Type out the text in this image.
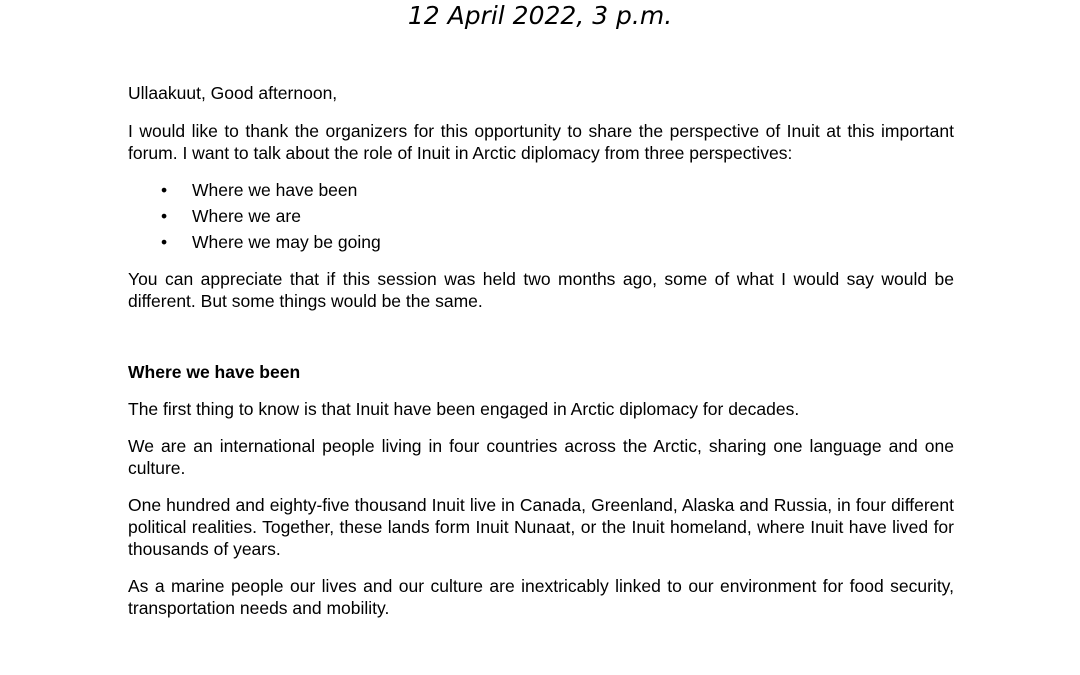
12 April 2022, 3 p.m.

Ullaakuut, Good afternoon,

I would like to thank the organizers for this opportunity to share the perspective of Inuit at this important forum. I want to talk about the role of Inuit in Arctic diplomacy from three perspectives:

• Where we have been
• Where we are
• Where we may be going

You can appreciate that if this session was held two months ago, some of what I would say would be different. But some things would be the same.

Where we have been

The first thing to know is that Inuit have been engaged in Arctic diplomacy for decades.

We are an international people living in four countries across the Arctic, sharing one language and one culture.

One hundred and eighty-five thousand Inuit live in Canada, Greenland, Alaska and Russia, in four different political realities. Together, these lands form Inuit Nunaat, or the Inuit homeland, where Inuit have lived for thousands of years.

As a marine people our lives and our culture are inextricably linked to our environment for food security, transportation needs and mobility.
